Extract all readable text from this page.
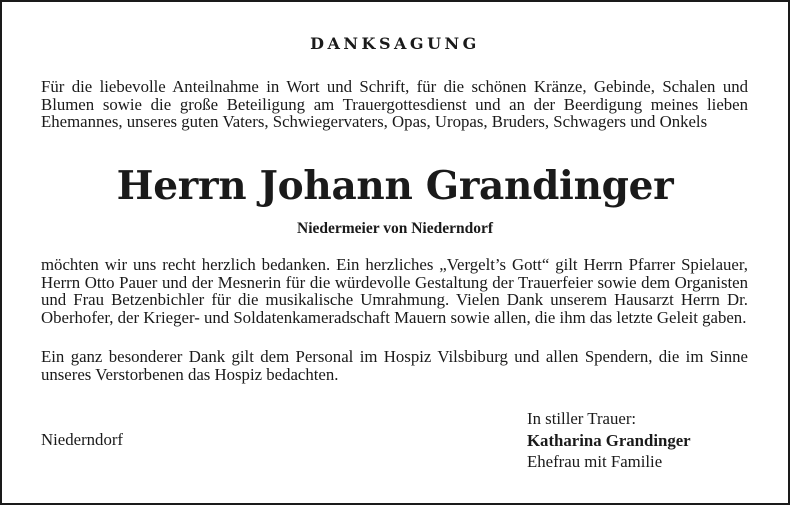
DANKSAGUNG

Für die liebevolle Anteilnahme in Wort und Schrift, für die schönen Kränze, Gebinde, Schalen und Blumen sowie die große Beteiligung am Trauergottesdienst und an der Beerdigung meines lieben Ehemannes, unseres guten Vaters, Schwiegervaters, Opas, Uropas, Bruders, Schwagers und Onkels

Herrn Johann Grandinger
Niedermeier von Niederndorf

möchten wir uns recht herzlich bedanken. Ein herzliches „Vergelt’s Gott“ gilt Herrn Pfarrer Spielauer, Herrn Otto Pauer und der Mesnerin für die würdevolle Gestaltung der Trauerfeier sowie dem Organisten und Frau Betzenbichler für die musikalische Umrahmung. Vielen Dank unserem Hausarzt Herrn Dr. Oberhofer, der Krieger- und Soldatenkameradschaft Mauern sowie allen, die ihm das letzte Geleit gaben.

Ein ganz besonderer Dank gilt dem Personal im Hospiz Vilsbiburg und allen Spendern, die im Sinne unseres Verstorbenen das Hospiz bedachten.

Niederndorf
In stiller Trauer:
Katharina Grandinger
Ehefrau mit Familie
